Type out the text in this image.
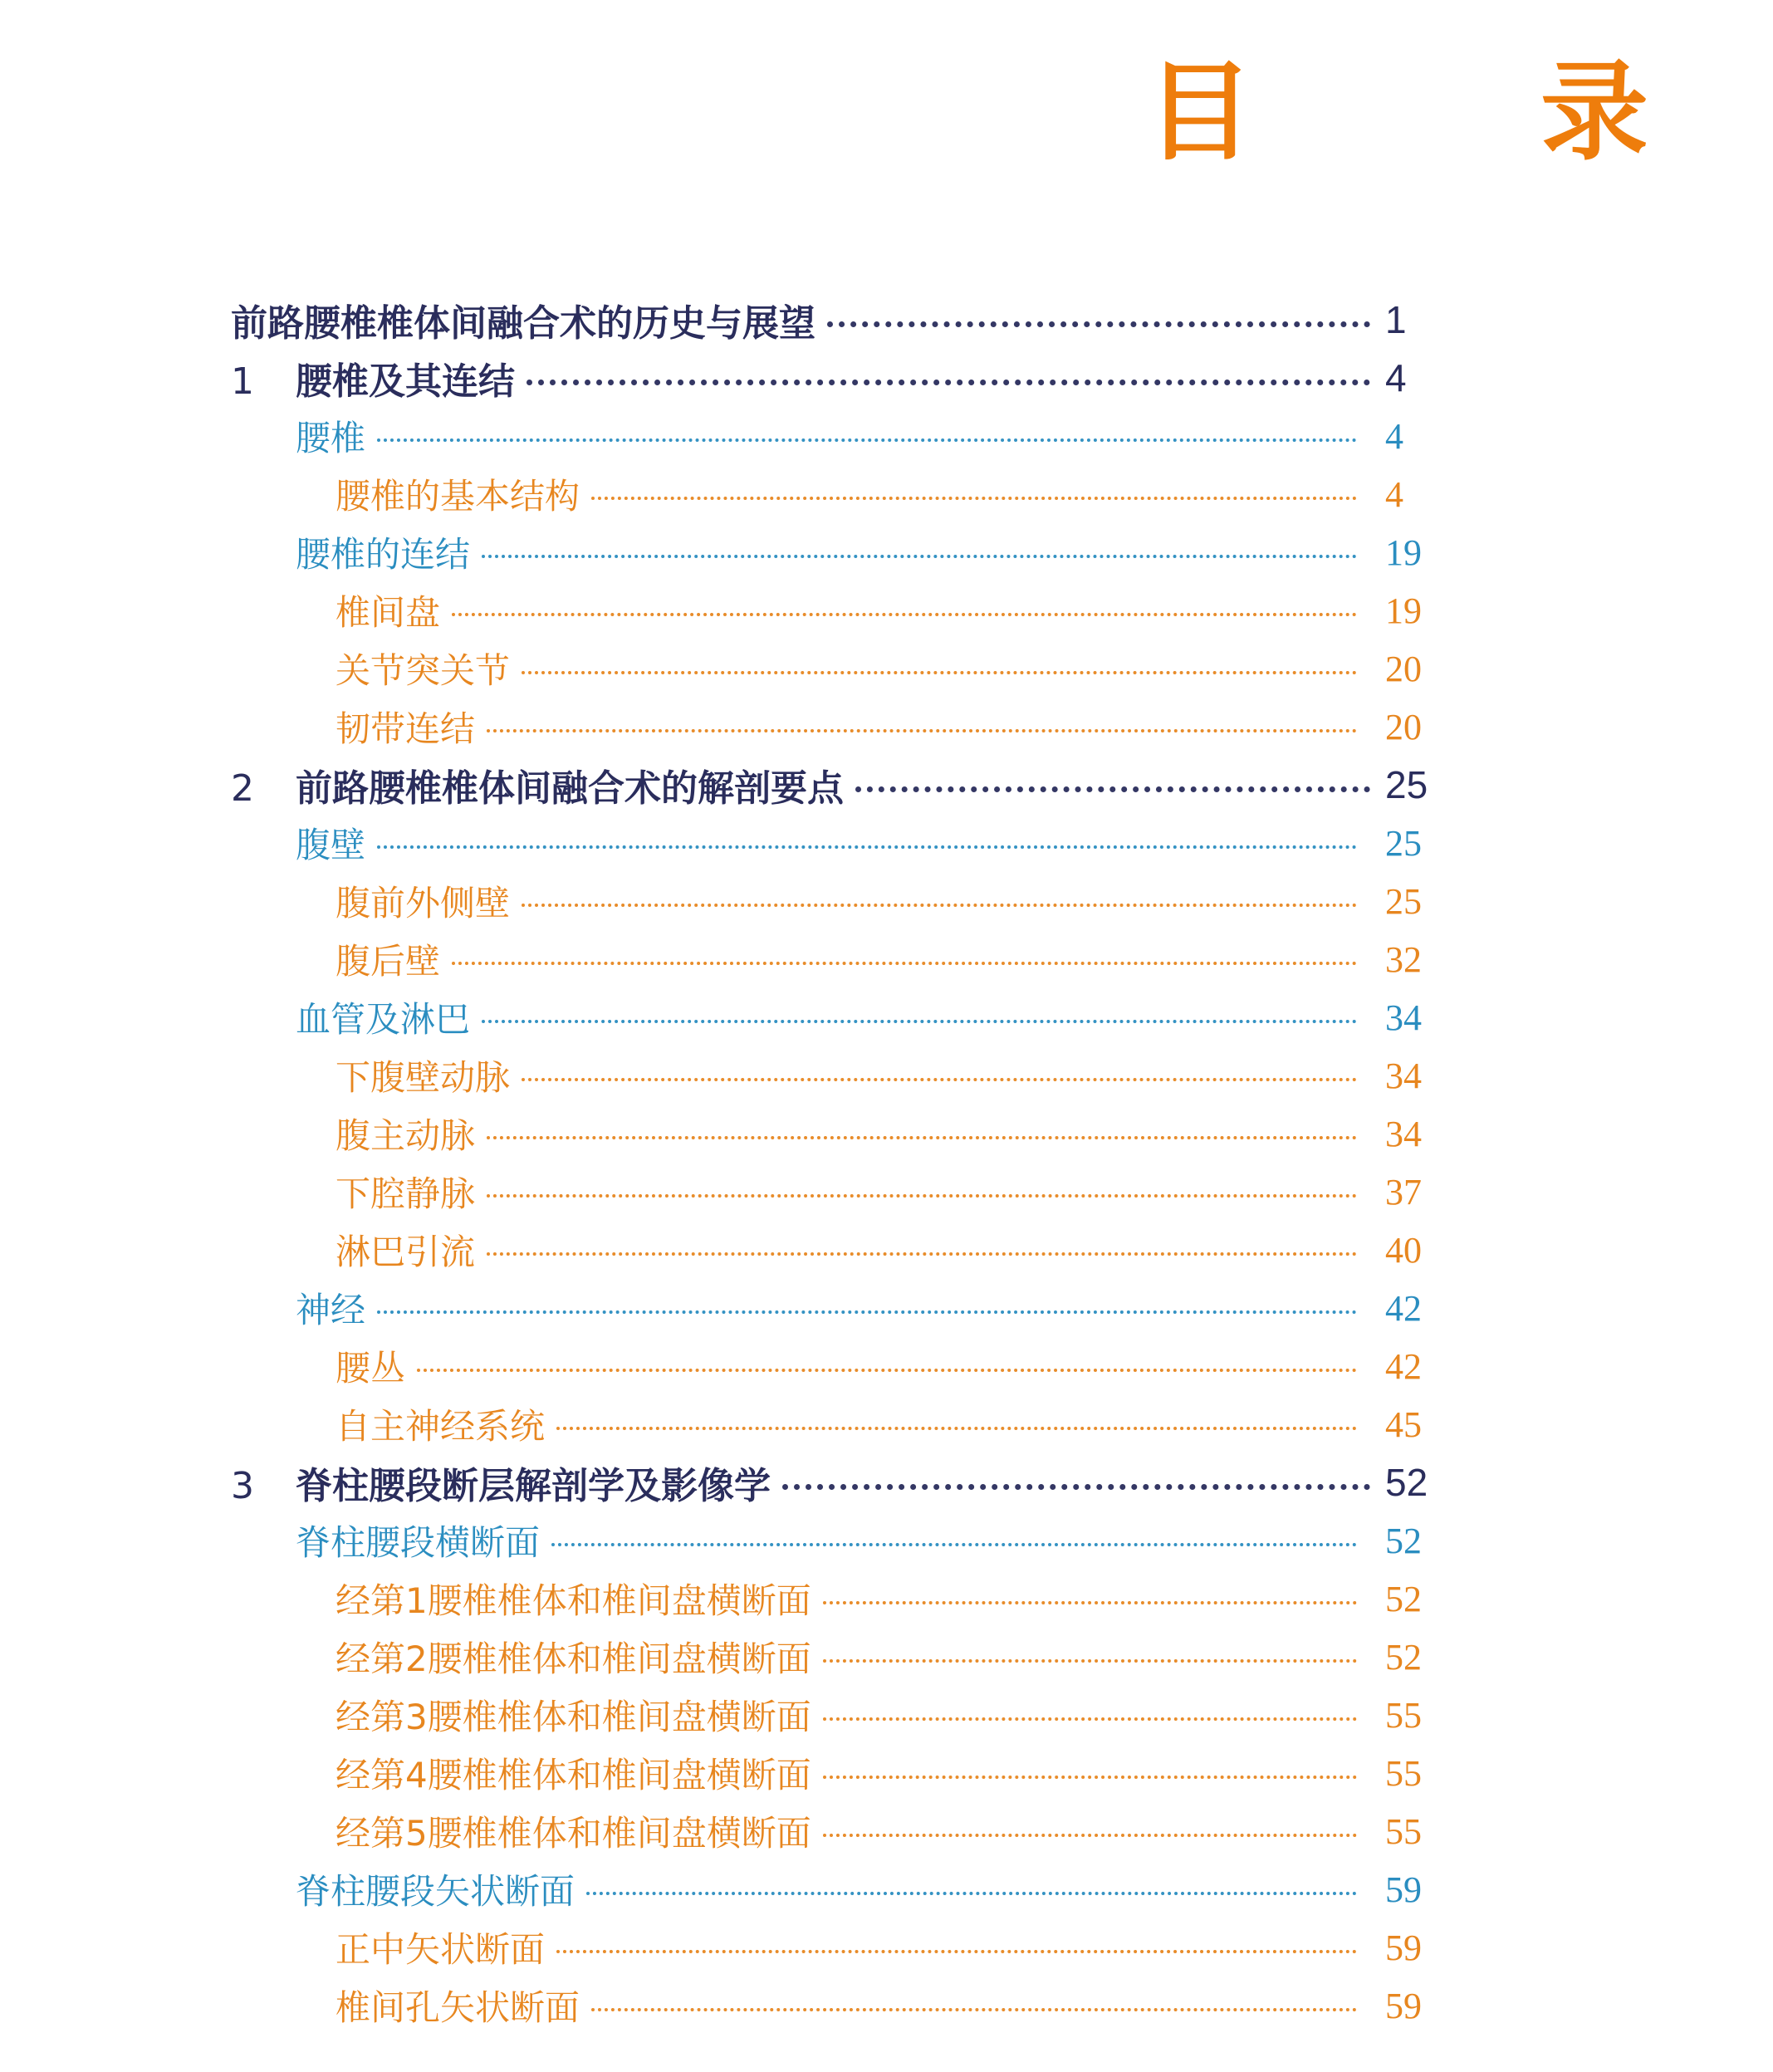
目 录
前路腰椎椎体间融合术的历史与展望	1
1 腰椎及其连结	4
腰椎	4
腰椎的基本结构	4
腰椎的连结	19
椎间盘	19
关节突关节	20
韧带连结	20
2 前路腰椎椎体间融合术的解剖要点	25
腹壁	25
腹前外侧壁	25
腹后壁	32
血管及淋巴	34
下腹壁动脉	34
腹主动脉	34
下腔静脉	37
淋巴引流	40
神经	42
腰丛	42
自主神经系统	45
3 脊柱腰段断层解剖学及影像学	52
脊柱腰段横断面	52
经第1腰椎椎体和椎间盘横断面	52
经第2腰椎椎体和椎间盘横断面	52
经第3腰椎椎体和椎间盘横断面	55
经第4腰椎椎体和椎间盘横断面	55
经第5腰椎椎体和椎间盘横断面	55
脊柱腰段矢状断面	59
正中矢状断面	59
椎间孔矢状断面	59
